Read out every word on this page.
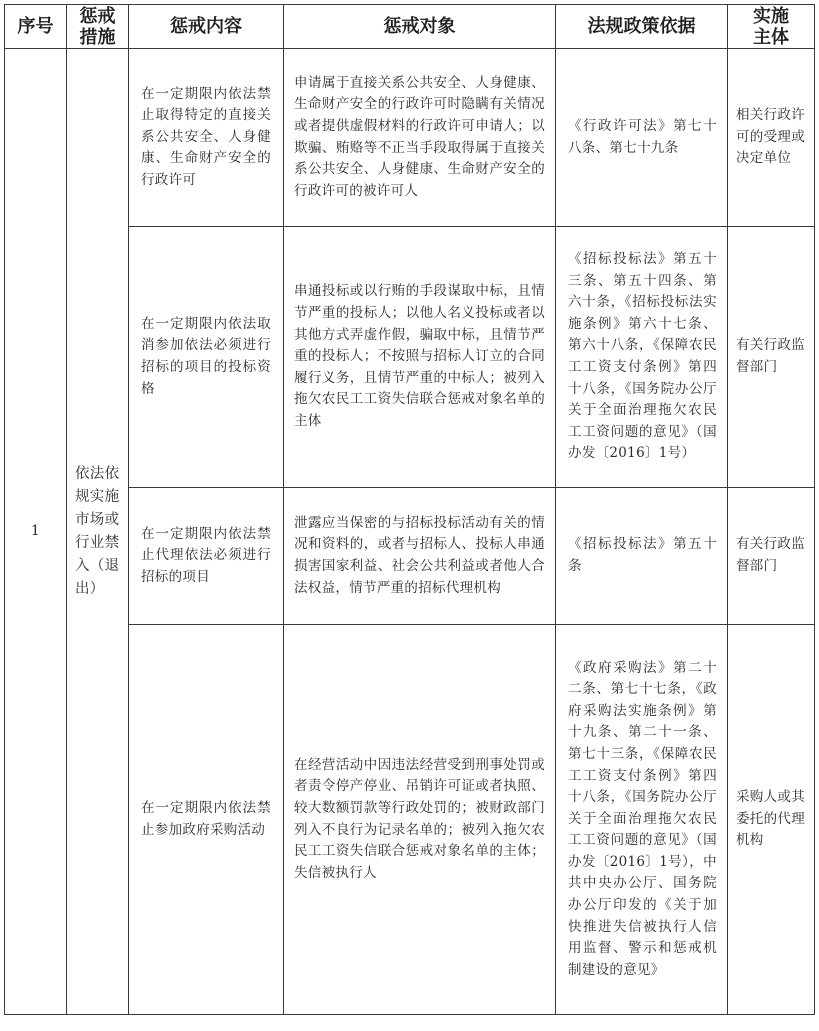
序号	惩戒措施	惩戒内容	惩戒对象	法规政策依据	实施主体
1	依法依规实施市场或行业禁入（退出）	在一定期限内依法禁止取得特定的直接关系公共安全、人身健康、生命财产安全的行政许可	申请属于直接关系公共安全、人身健康、生命财产安全的行政许可时隐瞒有关情况或者提供虚假材料的行政许可申请人；以欺骗、贿赂等不正当手段取得属于直接关系公共安全、人身健康、生命财产安全的行政许可的被许可人	《行政许可法》第七十八条、第七十九条	相关行政许可的受理或决定单位
		在一定期限内依法取消参加依法必须进行招标的项目的投标资格	串通投标或以行贿的手段谋取中标，且情节严重的投标人；以他人名义投标或者以其他方式弄虚作假，骗取中标，且情节严重的投标人；不按照与招标人订立的合同履行义务，且情节严重的中标人；被列入拖欠农民工工资失信联合惩戒对象名单的主体	《招标投标法》第五十三条、第五十四条、第六十条，《招标投标法实施条例》第六十七条、第六十八条，《保障农民工工资支付条例》第四十八条，《国务院办公厅关于全面治理拖欠农民工工资问题的意见》（国办发〔2016〕1号）	有关行政监督部门
		在一定期限内依法禁止代理依法必须进行招标的项目	泄露应当保密的与招标投标活动有关的情况和资料的，或者与招标人、投标人串通损害国家利益、社会公共利益或者他人合法权益，情节严重的招标代理机构	《招标投标法》第五十条	有关行政监督部门
		在一定期限内依法禁止参加政府采购活动	在经营活动中因违法经营受到刑事处罚或者责令停产停业、吊销许可证或者执照、较大数额罚款等行政处罚的；被财政部门列入不良行为记录名单的；被列入拖欠农民工工资失信联合惩戒对象名单的主体；失信被执行人	《政府采购法》第二十二条、第七十七条，《政府采购法实施条例》第十九条、第二十一条、第七十三条，《保障农民工工资支付条例》第四十八条，《国务院办公厅关于全面治理拖欠农民工工资问题的意见》（国办发〔2016〕1号），中共中央办公厅、国务院办公厅印发的《关于加快推进失信被执行人信用监督、警示和惩戒机制建设的意见》	采购人或其委托的代理机构
